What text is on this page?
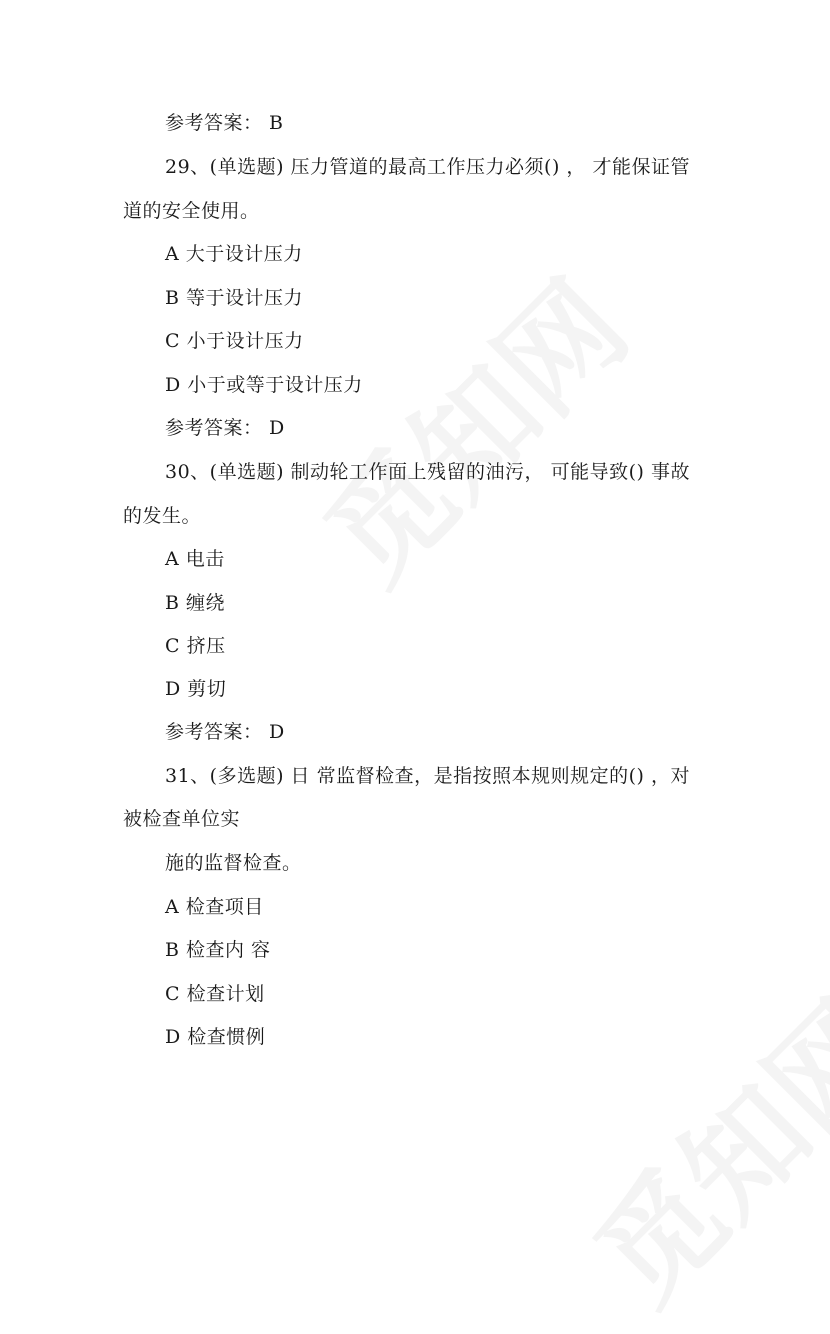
参考答案： B
29、(单选题) 压力管道的最高工作压力必须() ， 才能保证管
道的安全使用。
A 大于设计压力
B 等于设计压力
C 小于设计压力
D 小于或等于设计压力
参考答案： D
30、(单选题) 制动轮工作面上残留的油污， 可能导致() 事故
的发生。
A 电击
B 缠绕
C 挤压
D 剪切
参考答案： D
31、(多选题) 日 常监督检查，是指按照本规则规定的() ，对
被检查单位实
施的监督检查。
A 检查项目
B 检查内 容
C 检查计划
D 检查惯例
